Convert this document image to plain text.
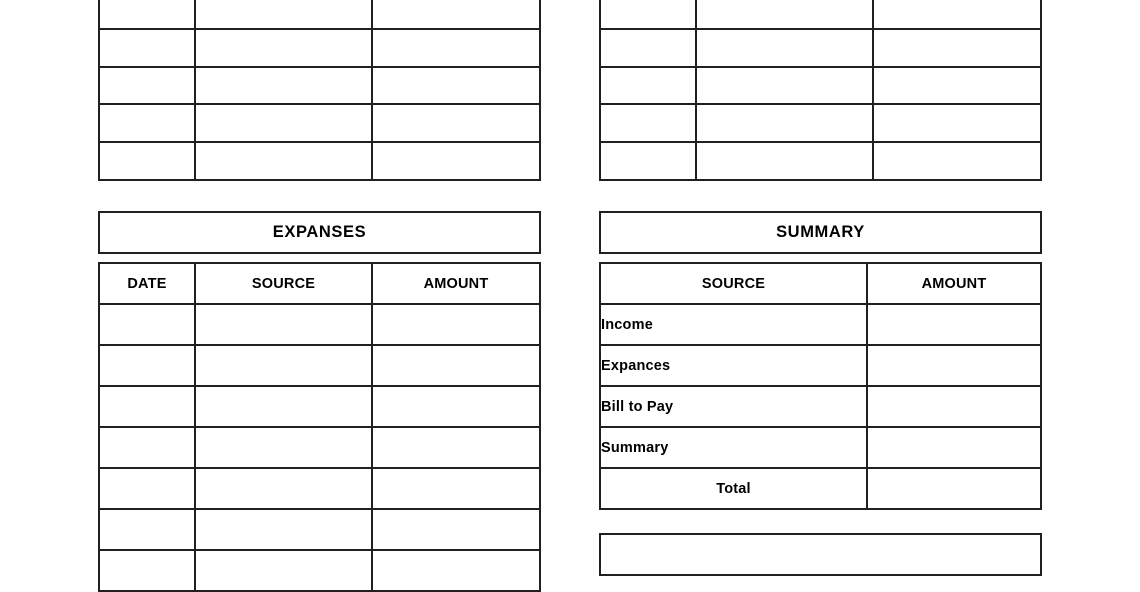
EXPANSES
DATE	SOURCE	AMOUNT

SUMMARY
SOURCE	AMOUNT
Income	
Expances	
Bill to Pay	
Summary	
Total	
